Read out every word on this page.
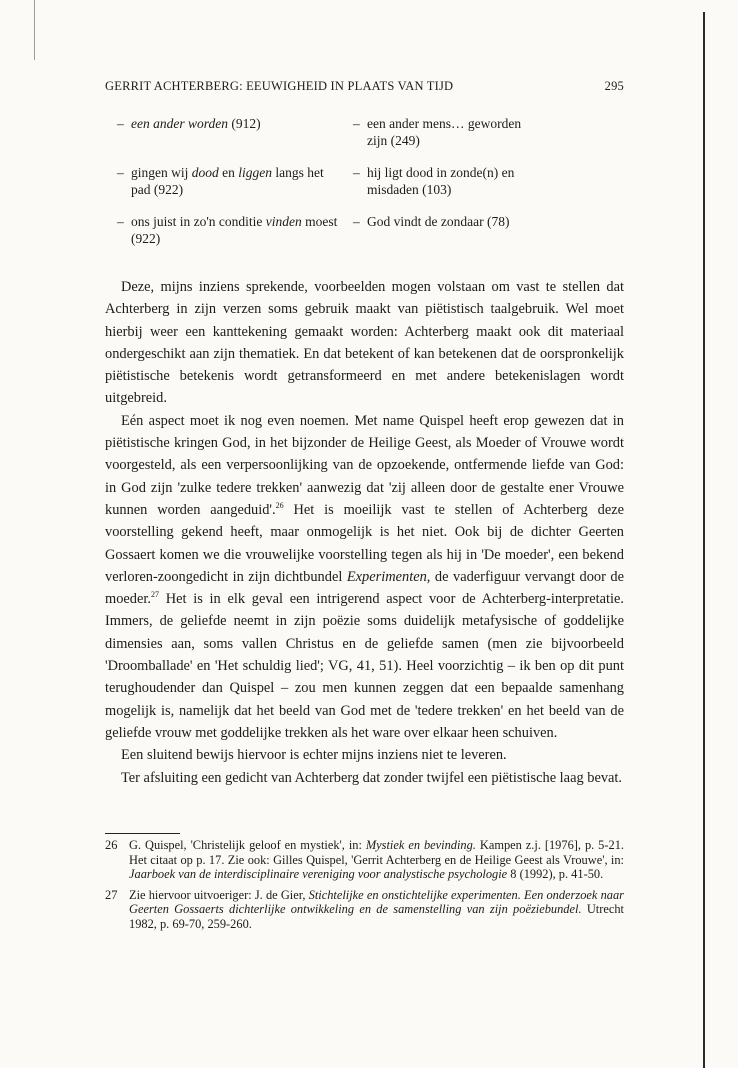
GERRIT ACHTERBERG: EEUWIGHEID IN PLAATS VAN TIJD	295
– een ander worden (912)	– een ander mens… geworden zijn (249)
– gingen wij dood en liggen langs het pad (922)
– hij ligt dood in zonde(n) en misdaden (103)
– ons juist in zo'n conditie vinden moest (922)
– God vindt de zondaar (78)

Deze, mijns inziens sprekende, voorbeelden mogen volstaan om vast te stellen dat Achterberg in zijn verzen soms gebruik maakt van piëtistisch taalgebruik. Wel moet hierbij weer een kanttekening gemaakt worden: Achterberg maakt ook dit materiaal ondergeschikt aan zijn thematiek. En dat betekent of kan betekenen dat de oorspronkelijk piëtistische betekenis wordt getransformeerd en met andere betekenislagen wordt uitgebreid.

Eén aspect moet ik nog even noemen. Met name Quispel heeft erop gewezen dat in piëtistische kringen God, in het bijzonder de Heilige Geest, als Moeder of Vrouwe wordt voorgesteld, als een verpersoonlijking van de opzoekende, ontfermende liefde van God: in God zijn 'zulke tedere trekken' aanwezig dat 'zij alleen door de gestalte ener Vrouwe kunnen worden aangeduid'.$^{26}$ Het is moeilijk vast te stellen of Achterberg deze voorstelling gekend heeft, maar onmogelijk is het niet. Ook bij de dichter Geerten Gossaert komen we die vrouwelijke voorstelling tegen als hij in 'De moeder', een bekend verloren-zoongedicht in zijn dichtbundel Experimenten, de vaderfiguur vervangt door de moeder.$^{27}$ Het is in elk geval een intrigerend aspect voor de Achterberg-interpretatie. Immers, de geliefde neemt in zijn poëzie soms duidelijk metafysische of goddelijke dimensies aan, soms vallen Christus en de geliefde samen (men zie bijvoorbeeld 'Droomballade' en 'Het schuldig lied'; VG, 41, 51). Heel voorzichtig – ik ben op dit punt terughoudender dan Quispel – zou men kunnen zeggen dat een bepaalde samenhang mogelijk is, namelijk dat het beeld van God met de 'tedere trekken' en het beeld van de geliefde vrouw met goddelijke trekken als het ware over elkaar heen schuiven.

Een sluitend bewijs hiervoor is echter mijns inziens niet te leveren.

Ter afsluiting een gedicht van Achterberg dat zonder twijfel een piëtistische laag bevat.

26 G. Quispel, 'Christelijk geloof en mystiek', in: Mystiek en bevinding. Kampen z.j. [1976], p. 5-21. Het citaat op p. 17. Zie ook: Gilles Quispel, 'Gerrit Achterberg en de Heilige Geest als Vrouwe', in: Jaarboek van de interdisciplinaire vereniging voor analystische psychologie 8 (1992), p. 41-50.
27 Zie hiervoor uitvoeriger: J. de Gier, Stichtelijke en onstichtelijke experimenten. Een onderzoek naar Geerten Gossaerts dichterlijke ontwikkeling en de samenstelling van zijn poëziebundel. Utrecht 1982, p. 69-70, 259-260.
